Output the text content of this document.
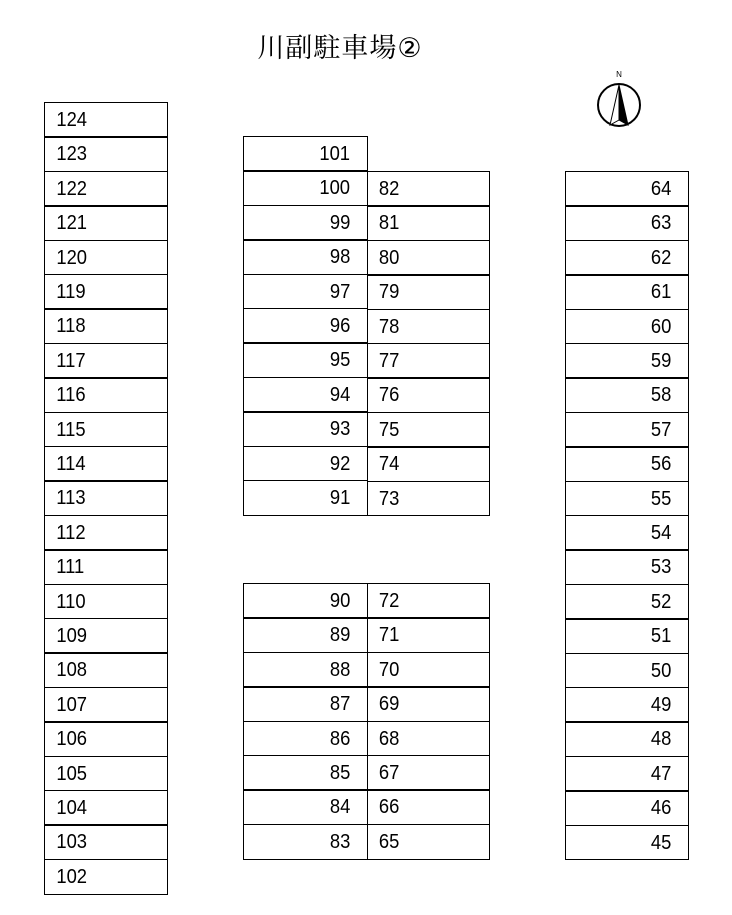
川副駐車場②
N
124
123
122
121
120
119
118
117
116
115
114
113
112
111
110
109
108
107
106
105
104
103
102
101
100
99
98
97
96
95
94
93
92
91
82
81
80
79
78
77
76
75
74
73
90
89
88
87
86
85
84
83
72
71
70
69
68
67
66
65
64
63
62
61
60
59
58
57
56
55
54
53
52
51
50
49
48
47
46
45
